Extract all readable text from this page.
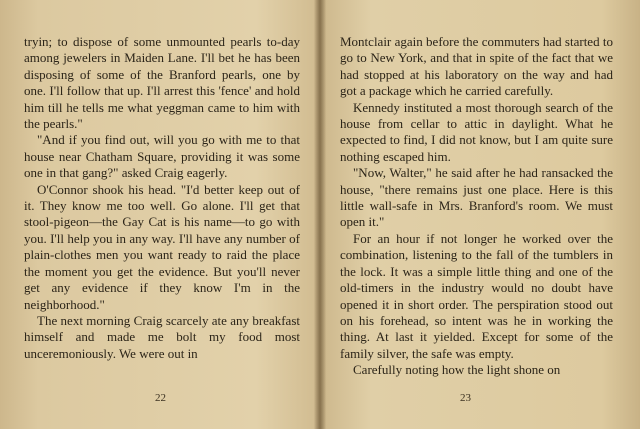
tryin; to dispose of some unmounted pearls to-day among jewelers in Maiden Lane. I'll bet he has been disposing of some of the Branford pearls, one by one. I'll follow that up. I'll arrest this 'fence' and hold him till he tells me what yeggman came to him with the pearls."

"And if you find out, will you go with me to that house near Chatham Square, providing it was some one in that gang?" asked Craig eagerly.

O'Connor shook his head. "I'd better keep out of it. They know me too well. Go alone. I'll get that stool-pigeon—the Gay Cat is his name—to go with you. I'll help you in any way. I'll have any number of plain-clothes men you want ready to raid the place the moment you get the evidence. But you'll never get any evidence if they know I'm in the neighborhood."

The next morning Craig scarcely ate any breakfast himself and made me bolt my food most unceremoniously. We were out in

22

Montclair again before the commuters had started to go to New York, and that in spite of the fact that we had stopped at his laboratory on the way and had got a package which he carried carefully.

Kennedy instituted a most thorough search of the house from cellar to attic in daylight. What he expected to find, I did not know, but I am quite sure nothing escaped him.

"Now, Walter," he said after he had ransacked the house, "there remains just one place. Here is this little wall-safe in Mrs. Branford's room. We must open it."

For an hour if not longer he worked over the combination, listening to the fall of the tumblers in the lock. It was a simple little thing and one of the old-timers in the industry would no doubt have opened it in short order. The perspiration stood out on his forehead, so intent was he in working the thing. At last it yielded. Except for some of the family silver, the safe was empty.

Carefully noting how the light shone on

23
